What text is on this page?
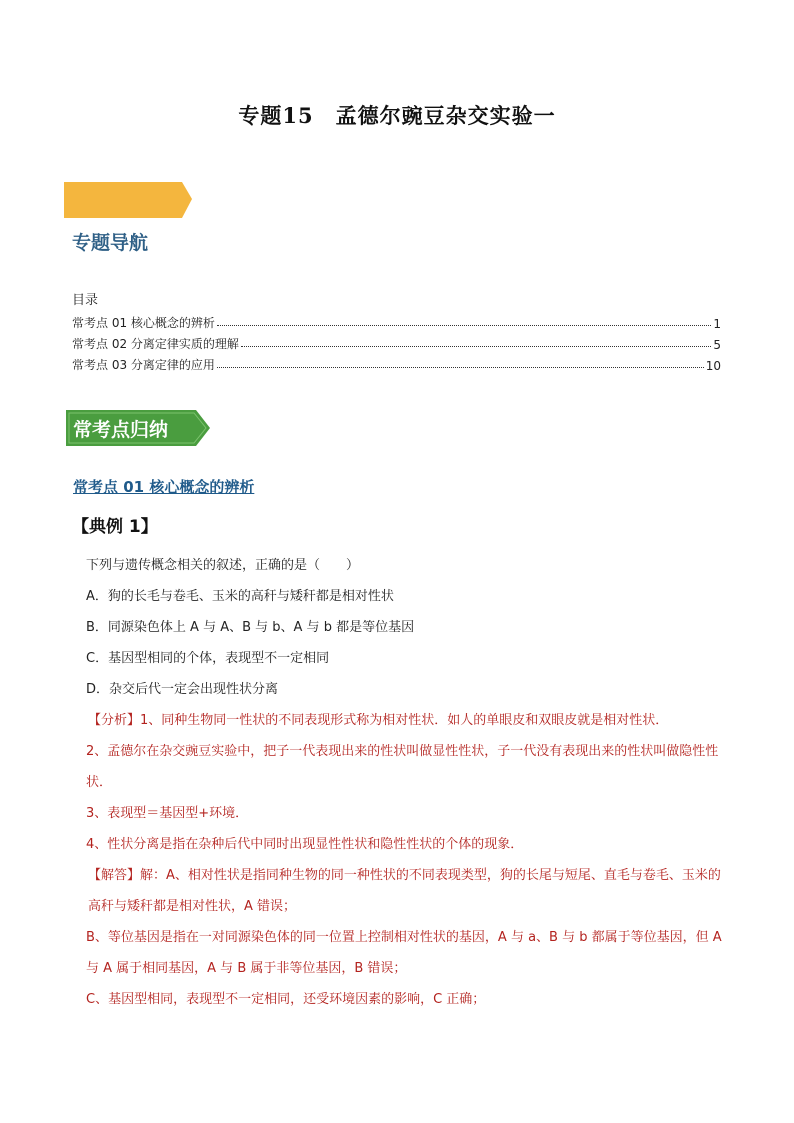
专题15　孟德尔豌豆杂交实验一
专题导航
目录
常考点 01 核心概念的辨析	1
常考点 02 分离定律实质的理解	5
常考点 03 分离定律的应用	10
常考点归纳
常考点 01 核心概念的辨析
【典例 1】
下列与遗传概念相关的叙述，正确的是（　　）
A．狗的长毛与卷毛、玉米的高秆与矮秆都是相对性状
B．同源染色体上 A 与 A、B 与 b、A 与 b 都是等位基因
C．基因型相同的个体，表现型不一定相同
D．杂交后代一定会出现性状分离
【分析】1、同种生物同一性状的不同表现形式称为相对性状．如人的单眼皮和双眼皮就是相对性状．
2、孟德尔在杂交豌豆实验中，把子一代表现出来的性状叫做显性性状，子一代没有表现出来的性状叫做隐性性状．
3、表现型＝基因型+环境．
4、性状分离是指在杂种后代中同时出现显性性状和隐性性状的个体的现象．
【解答】解：A、相对性状是指同种生物的同一种性状的不同表现类型，狗的长尾与短尾、直毛与卷毛、玉米的高秆与矮秆都是相对性状，A 错误；
B、等位基因是指在一对同源染色体的同一位置上控制相对性状的基因，A 与 a、B 与 b 都属于等位基因，但 A 与 A 属于相同基因，A 与 B 属于非等位基因，B 错误；
C、基因型相同，表现型不一定相同，还受环境因素的影响，C 正确；
